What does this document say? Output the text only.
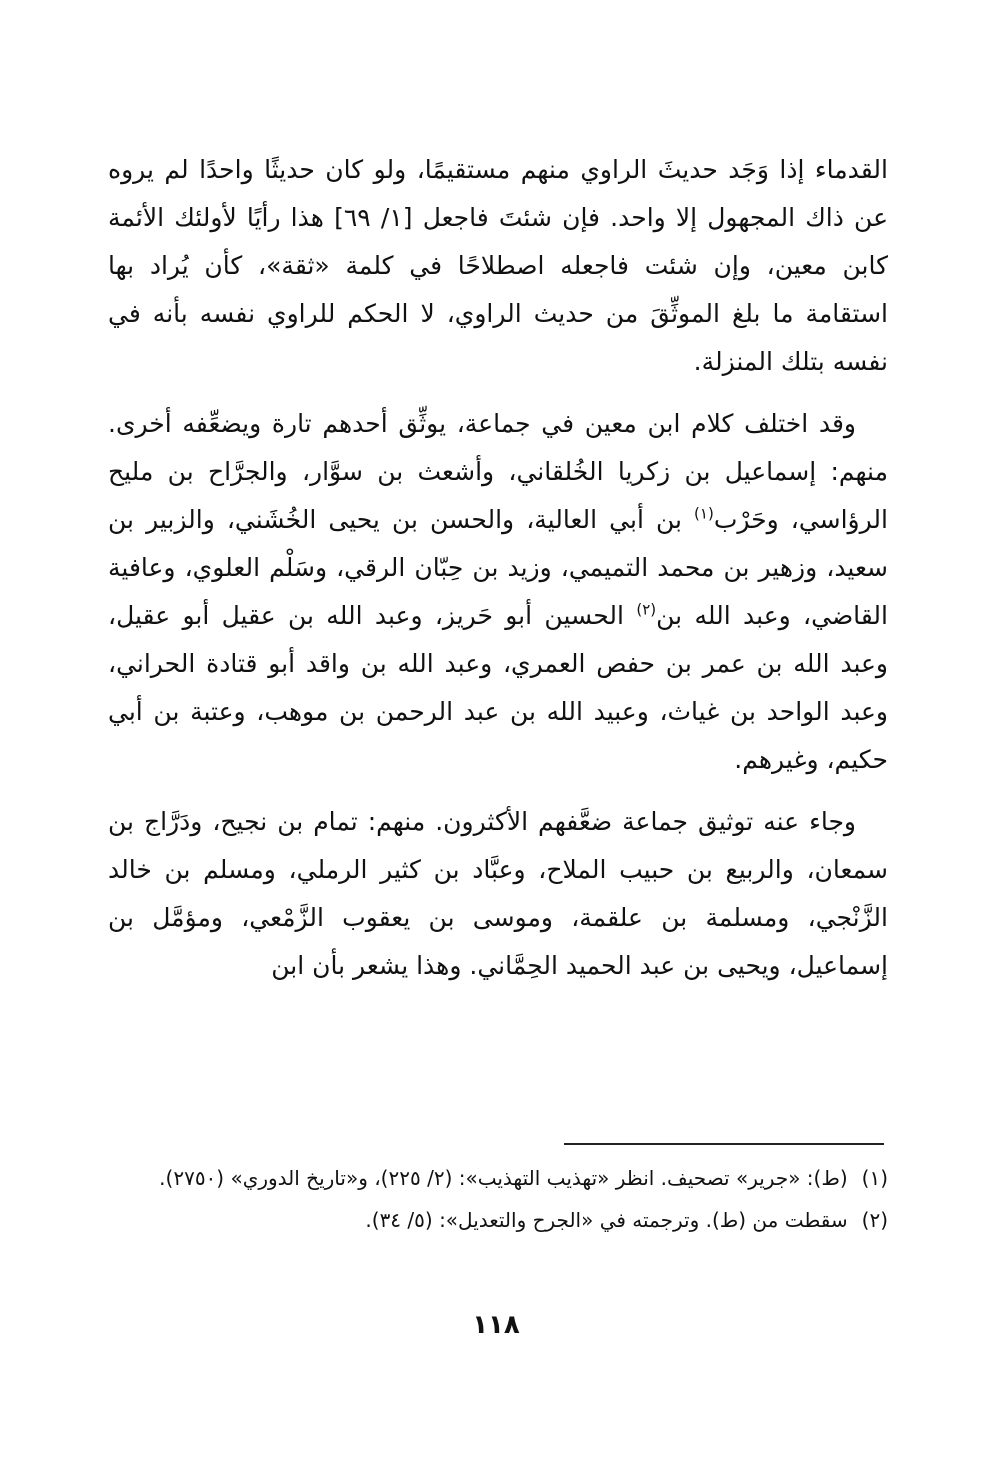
القدماء إذا وَجَد حديثَ الراوي منهم مستقيمًا، ولو كان حديثًا واحدًا لم يروه عن ذاك المجهول إلا واحد. فإن شئتَ فاجعل [١/ ٦٩] هذا رأيًا لأولئك الأئمة كابن معين، وإن شئت فاجعله اصطلاحًا في كلمة «ثقة»، كأن يُراد بها استقامة ما بلغ الموثِّقَ من حديث الراوي، لا الحكم للراوي نفسه بأنه في نفسه بتلك المنزلة.

وقد اختلف كلام ابن معين في جماعة، يوثِّق أحدهم تارة ويضعِّفه أخرى. منهم: إسماعيل بن زكريا الخُلقاني، وأشعث بن سوَّار، والجرَّاح بن مليح الرؤاسي، وحَرْب$^{(١)}$ بن أبي العالية، والحسن بن يحيى الخُشَني، والزبير بن سعيد، وزهير بن محمد التميمي، وزيد بن حِبّان الرقي، وسَلْم العلوي، وعافية القاضي، وعبد الله بن$^{(٢)}$ الحسين أبو حَريز، وعبد الله بن عقيل أبو عقيل، وعبد الله بن عمر بن حفص العمري، وعبد الله بن واقد أبو قتادة الحراني، وعبد الواحد بن غياث، وعبيد الله بن عبد الرحمن بن موهب، وعتبة بن أبي حكيم، وغيرهم.

وجاء عنه توثيق جماعة ضعَّفهم الأكثرون. منهم: تمام بن نجيح، ودَرَّاج بن سمعان، والربيع بن حبيب الملاح، وعبَّاد بن كثير الرملي، ومسلم بن خالد الزَّنْجي، ومسلمة بن علقمة، وموسى بن يعقوب الزَّمْعي، ومؤمَّل بن إسماعيل، ويحيى بن عبد الحميد الحِمَّاني. وهذا يشعر بأن ابن

(١)
(ط): «جرير» تصحيف. انظر «تهذيب التهذيب»: (٢/ ٢٢٥)، و«تاريخ الدوري» (٢٧٥٠).
(٢)
سقطت من (ط). وترجمته في «الجرح والتعديل»: (٥/ ٣٤).
١١٨
